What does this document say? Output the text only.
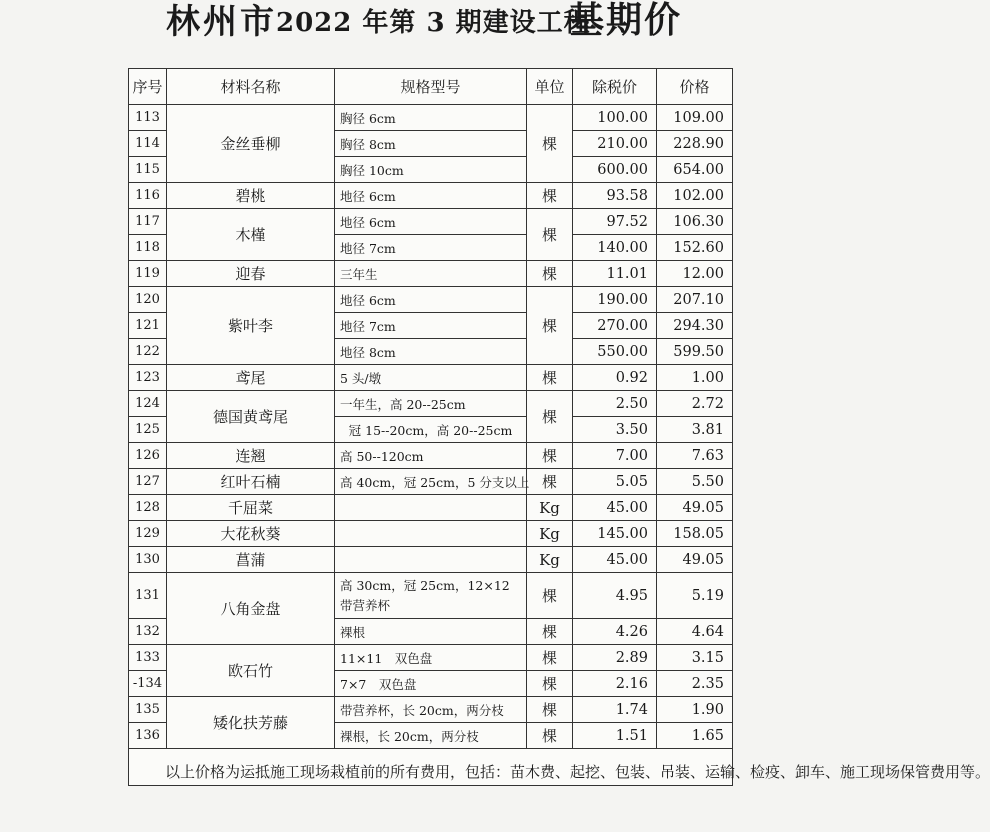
林州市 2022 年第 3 期建设工程
基期价
序号	材料名称	规格型号	单位	除税价	价格
113	金丝垂柳	胸径 6cm	棵	100.00	109.00
114		胸径 8cm		210.00	228.90
115		胸径 10cm		600.00	654.00
116	碧桃	地径 6cm	棵	93.58	102.00
117	木槿	地径 6cm	棵	97.52	106.30
118		地径 7cm		140.00	152.60
119	迎春	三年生	棵	11.01	12.00
120	紫叶李	地径 6cm	棵	190.00	207.10
121		地径 7cm		270.00	294.30
122		地径 8cm		550.00	599.50
123	鸢尾	5 头/墩	棵	0.92	1.00
124	德国黄鸢尾	一年生，高 20--25cm	棵	2.50	2.72
125		冠 15--20cm，高 20--25cm		3.50	3.81
126	连翘	高 50--120cm	棵	7.00	7.63
127	红叶石楠	高 40cm，冠 25cm，5 分支以上	棵	5.05	5.50
128	千屈菜		Kg	45.00	49.05
129	大花秋葵		Kg	145.00	158.05
130	菖蒲		Kg	45.00	49.05
131	八角金盘	高 30cm，冠 25cm，12×12
带营养杯	棵	4.95	5.19
132		裸根	棵	4.26	4.64
133	欧石竹	11×11　双色盘	棵	2.89	3.15
-134		7×7　双色盘	棵	2.16	2.35
135	矮化扶芳藤	带营养杯，长 20cm，两分枝	棵	1.74	1.90
136		裸根，长 20cm，两分枝	棵	1.51	1.65
以上价格为运抵施工现场栽植前的所有费用，包括：苗木费、起挖、包装、吊装、运输、检疫、卸车、施工现场保管费用等。					
